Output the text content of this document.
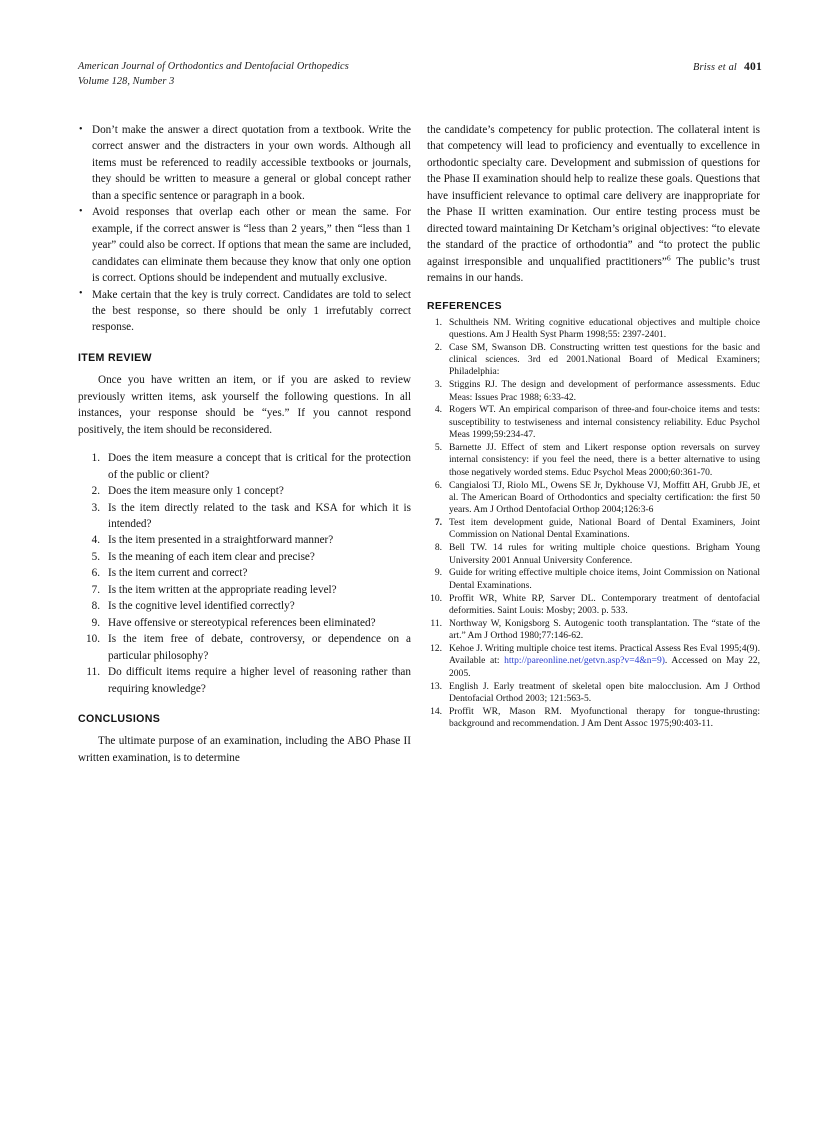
American Journal of Orthodontics and Dentofacial Orthopedics
Volume 128, Number 3
Briss et al 401
• Don’t make the answer a direct quotation from a textbook. Write the correct answer and the distracters in your own words. Although all items must be referenced to readily accessible textbooks or journals, they should be written to measure a general or global concept rather than a specific sentence or paragraph in a book.
• Avoid responses that overlap each other or mean the same. For example, if the correct answer is “less than 2 years,” then “less than 1 year” could also be correct. If options that mean the same are included, candidates can eliminate them because they know that only one option is correct. Options should be independent and mutually exclusive.
• Make certain that the key is truly correct. Candidates are told to select the best response, so there should be only 1 irrefutably correct response.
ITEM REVIEW

Once you have written an item, or if you are asked to review previously written items, ask yourself the following questions. In all instances, your response should be “yes.” If you cannot respond positively, the item should be reconsidered.

1. Does the item measure a concept that is critical for the protection of the public or client?
2. Does the item measure only 1 concept?
3. Is the item directly related to the task and KSA for which it is intended?
4. Is the item presented in a straightforward manner?
5. Is the meaning of each item clear and precise?
6. Is the item current and correct?
7. Is the item written at the appropriate reading level?
8. Is the cognitive level identified correctly?
9. Have offensive or stereotypical references been eliminated?
10. Is the item free of debate, controversy, or dependence on a particular philosophy?
11. Do difficult items require a higher level of reasoning rather than requiring knowledge?
CONCLUSIONS

The ultimate purpose of an examination, including the ABO Phase II written examination, is to determine

the candidate’s competency for public protection. The collateral intent is that competency will lead to proficiency and eventually to excellence in orthodontic specialty care. Development and submission of questions for the Phase II examination should help to realize these goals. Questions that have insufficient relevance to optimal care delivery are inappropriate for the Phase II written examination. Our entire testing process must be directed toward maintaining Dr Ketcham’s original objectives: “to elevate the standard of the practice of orthodontia” and “to protect the public against irresponsible and unqualified practitioners”$^6$ The public’s trust remains in our hands.

REFERENCES
1. Schultheis NM. Writing cognitive educational objectives and multiple choice questions. Am J Health Syst Pharm 1998;55: 2397-2401.
2. Case SM, Swanson DB. Constructing written test questions for the basic and clinical sciences. 3rd ed 2001.National Board of Medical Examiners; Philadelphia:
3. Stiggins RJ. The design and development of performance assessments. Educ Meas: Issues Prac 1988; 6:33-42.
4. Rogers WT. An empirical comparison of three-and four-choice items and tests: susceptibility to testwiseness and internal consistency reliability. Educ Psychol Meas 1999;59:234-47.
5. Barnette JJ. Effect of stem and Likert response option reversals on survey internal consistency: if you feel the need, there is a better alternative to using those negatively worded stems. Educ Psychol Meas 2000;60:361-70.
6. Cangialosi TJ, Riolo ML, Owens SE Jr, Dykhouse VJ, Moffitt AH, Grubb JE, et al. The American Board of Orthodontics and specialty certification: the first 50 years. Am J Orthod Dentofacial Orthop 2004;126:3-6
7. Test item development guide, National Board of Dental Examiners, Joint Commission on National Dental Examinations.
8. Bell TW. 14 rules for writing multiple choice questions. Brigham Young University 2001 Annual University Conference.
9. Guide for writing effective multiple choice items, Joint Commission on National Dental Examinations.
10. Proffit WR, White RP, Sarver DL. Contemporary treatment of dentofacial deformities. Saint Louis: Mosby; 2003. p. 533.
11. Northway W, Konigsborg S. Autogenic tooth transplantation. The “state of the art.” Am J Orthod 1980;77:146-62.
12. Kehoe J. Writing multiple choice test items. Practical Assess Res Eval 1995;4(9). Available at: http://pareonline.net/getvn.asp?v=4&n=9). Accessed on May 22, 2005.
13. English J. Early treatment of skeletal open bite malocclusion. Am J Orthod Dentofacial Orthod 2003; 121:563-5.
14. Proffit WR, Mason RM. Myofunctional therapy for tongue-thrusting: background and recommendation. J Am Dent Assoc 1975;90:403-11.
